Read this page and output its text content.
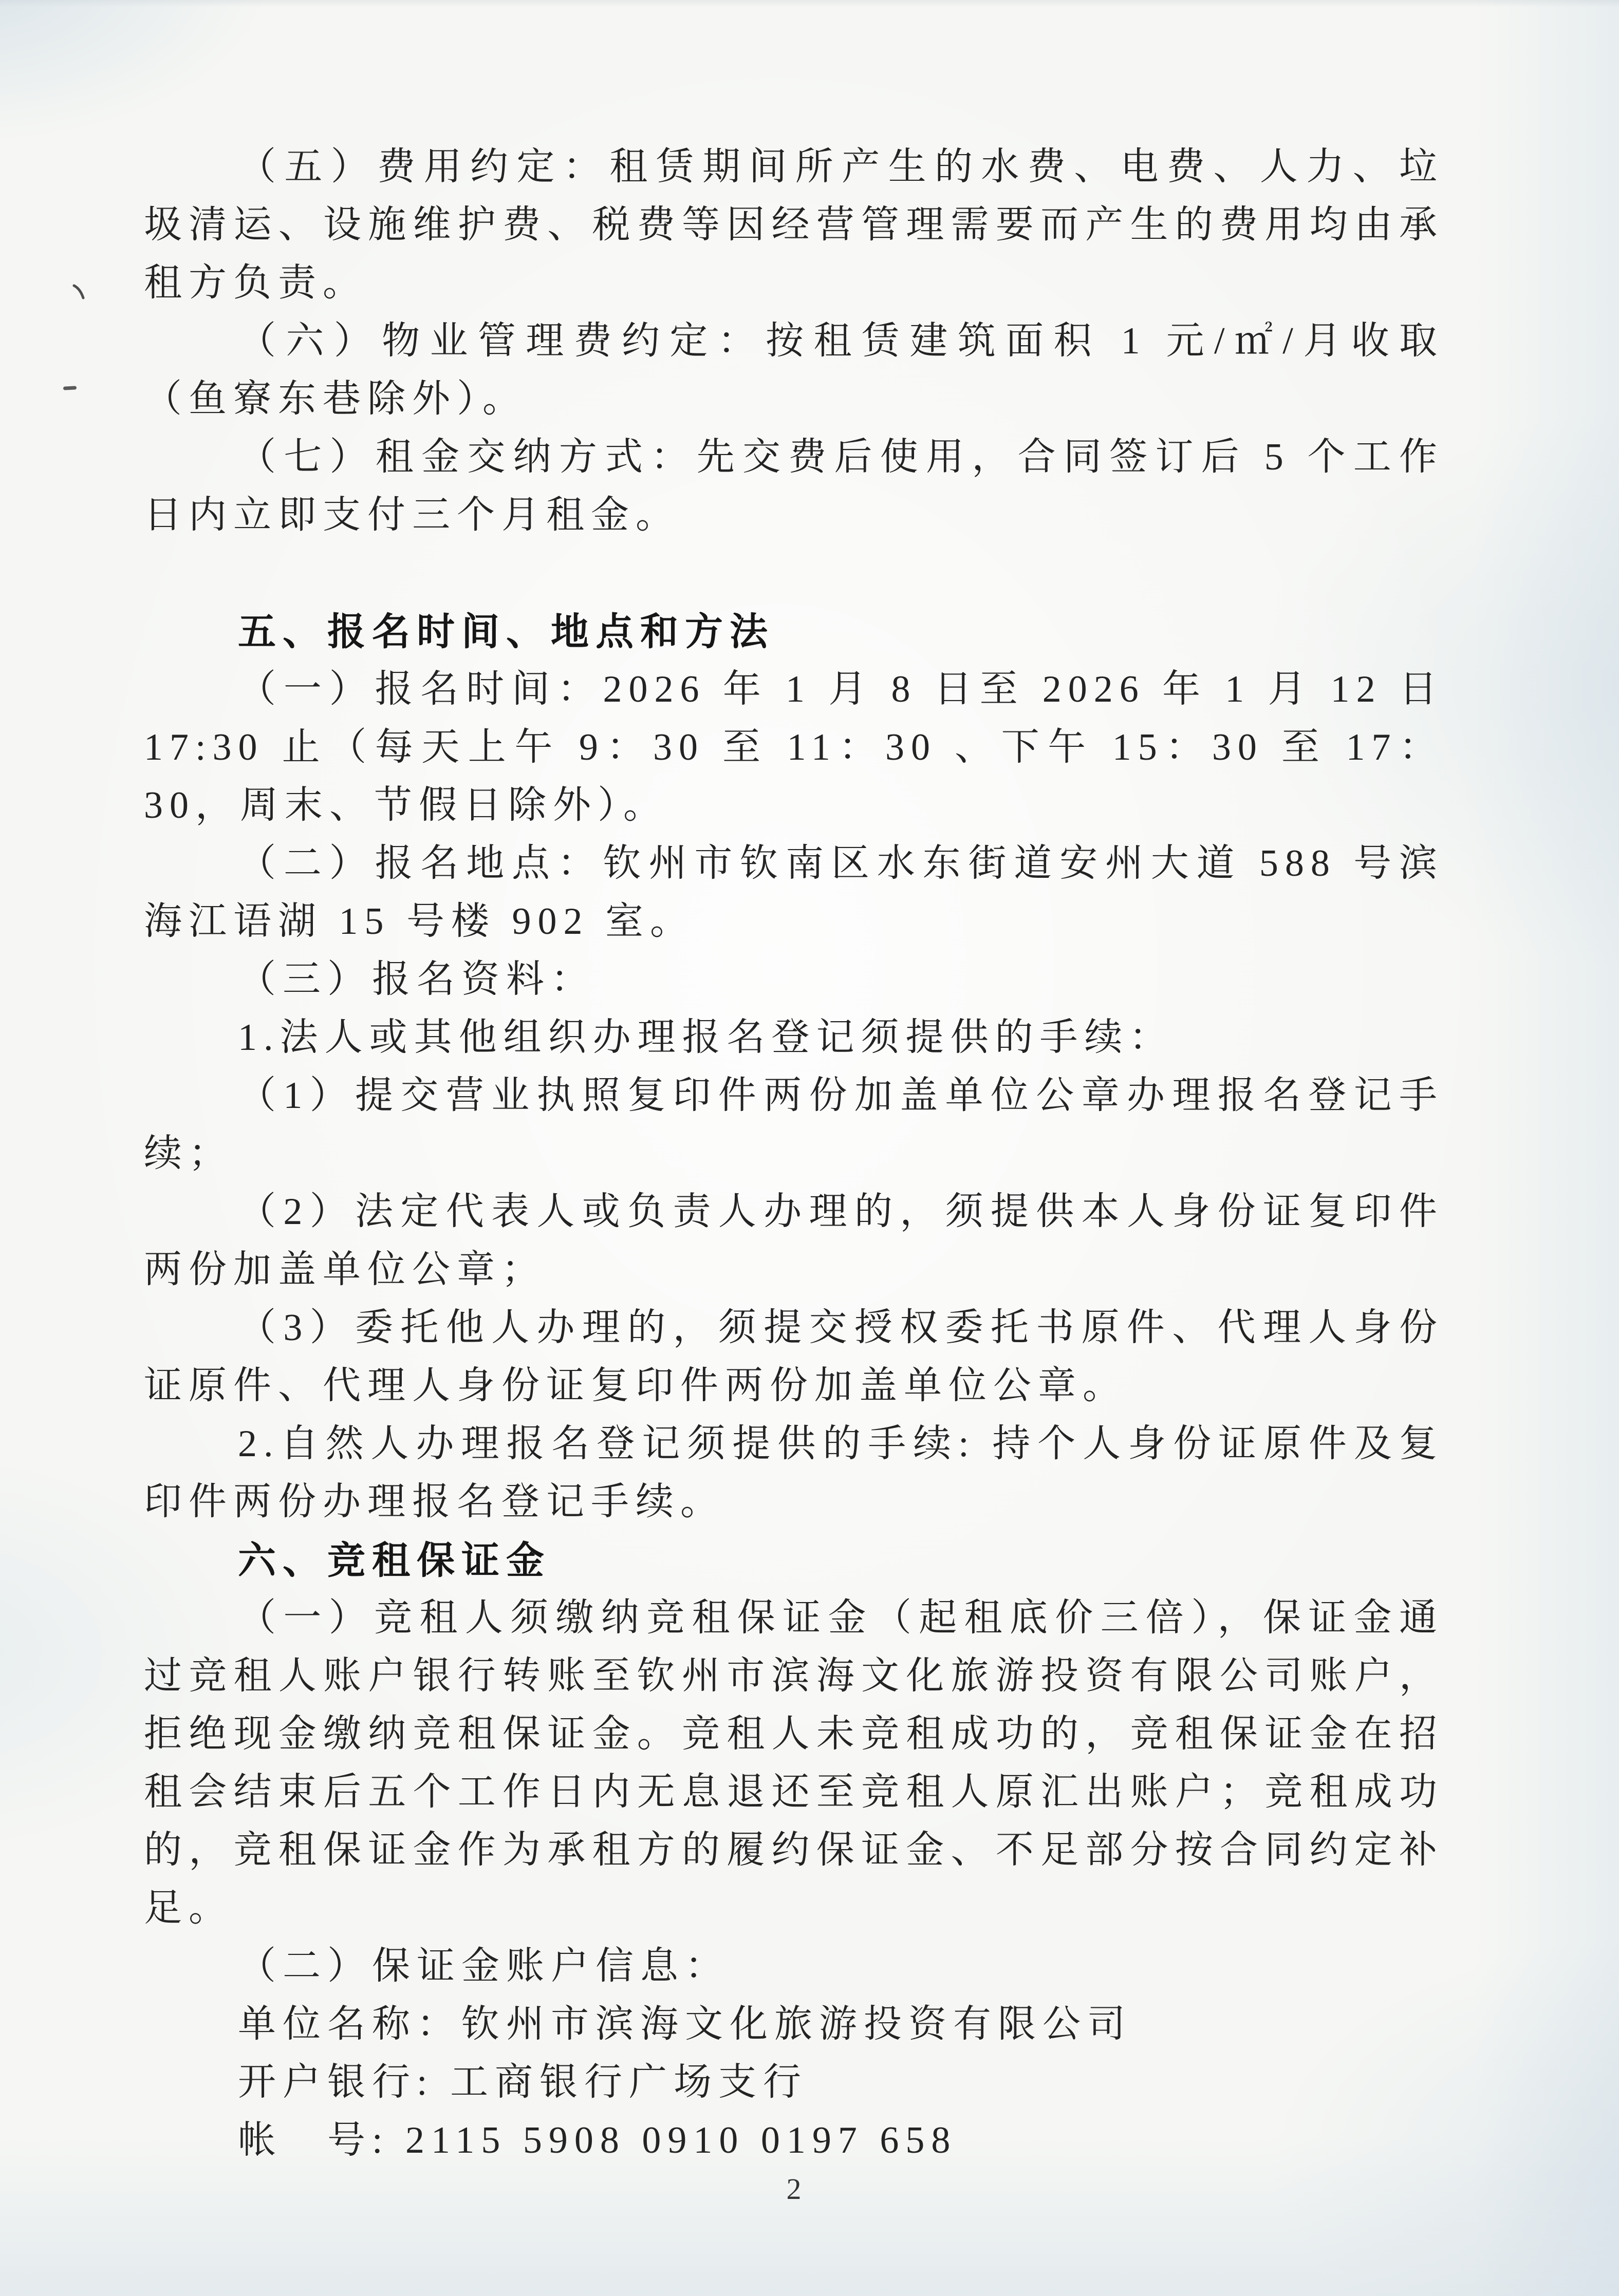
（五）费用约定：租赁期间所产生的水费、电费、人力、垃圾清运、设施维护费、税费等因经营管理需要而产生的费用均由承租方负责。

（六）物业管理费约定：按租赁建筑面积 1 元/㎡/月收取（鱼寮东巷除外）。

（七）租金交纳方式：先交费后使用，合同签订后 5 个工作日内立即支付三个月租金。

五、报名时间、地点和方法

（一）报名时间：2026 年 1 月 8 日至 2026 年 1 月 12 日 17:30 止（每天上午 9：30 至 11：30 、下午 15：30 至 17：30，周末、节假日除外）。

（二）报名地点：钦州市钦南区水东街道安州大道 588 号滨海江语湖 15 号楼 902 室。

（三）报名资料：

1.法人或其他组织办理报名登记须提供的手续：

（1）提交营业执照复印件两份加盖单位公章办理报名登记手续；

（2）法定代表人或负责人办理的，须提供本人身份证复印件两份加盖单位公章；

（3）委托他人办理的，须提交授权委托书原件、代理人身份证原件、代理人身份证复印件两份加盖单位公章。

2.自然人办理报名登记须提供的手续: 持个人身份证原件及复印件两份办理报名登记手续。

六、竞租保证金

（一）竞租人须缴纳竞租保证金（起租底价三倍），保证金通过竞租人账户银行转账至钦州市滨海文化旅游投资有限公司账户，拒绝现金缴纳竞租保证金。竞租人未竞租成功的，竞租保证金在招租会结束后五个工作日内无息退还至竞租人原汇出账户；竞租成功的，竞租保证金作为承租方的履约保证金、不足部分按合同约定补足。

（二）保证金账户信息：

单位名称：钦州市滨海文化旅游投资有限公司

开户银行: 工商银行广场支行

帐　号: 2115 5908 0910 0197 658

2
